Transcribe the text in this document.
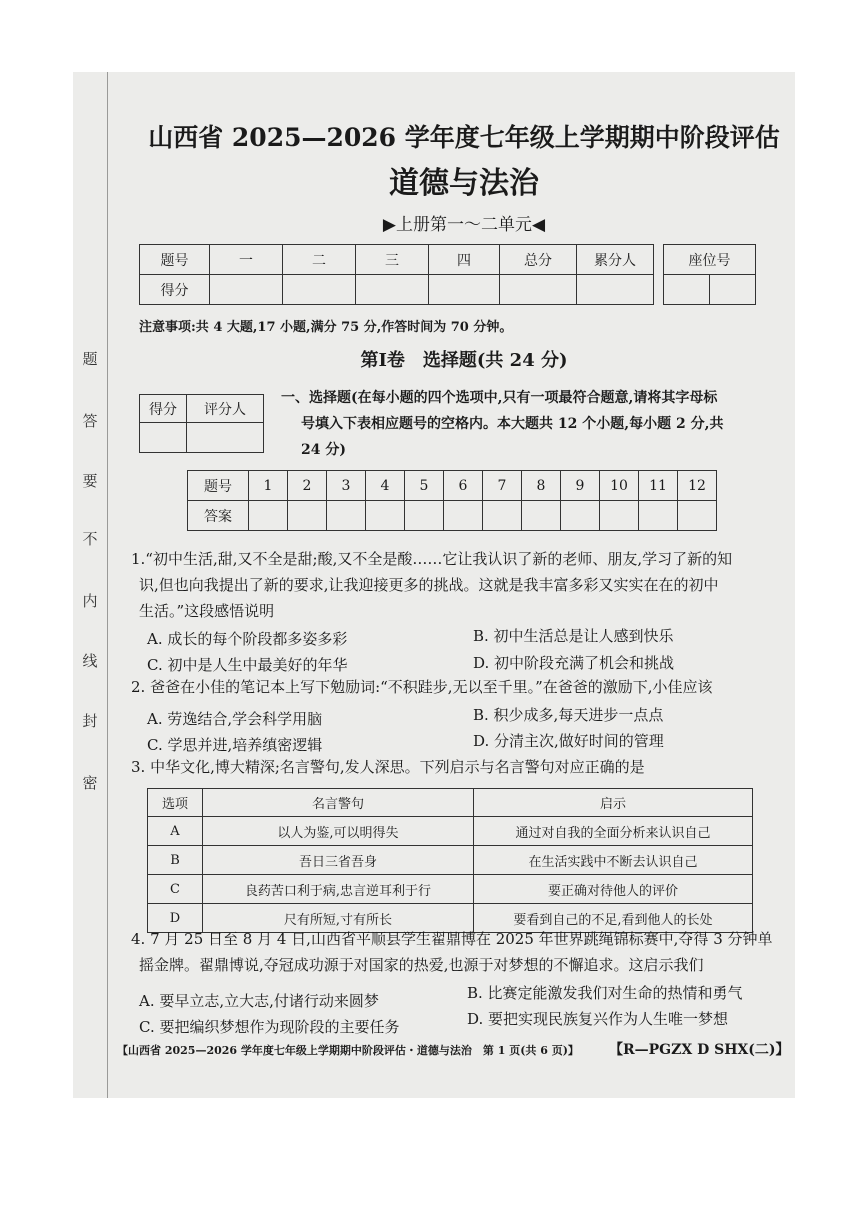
题
答
要
不
内
线
封
密
山西省 2025—2026 学年度七年级上学期期中阶段评估
道德与法治
▶上册第一～二单元◀
题号	一	二	三	四	总分	累分人
得分						
座位号

注意事项:共 4 大题,17 小题,满分 75 分,作答时间为 70 分钟。
第Ⅰ卷　选择题(共 24 分)
得分	评分人

一、选择题(在每小题的四个选项中,只有一项最符合题意,请将其字母标
号填入下表相应题号的空格内。本大题共 12 个小题,每小题 2 分,共
24 分)
题号	1	2	3	4	5	6	7	8	9	10	11	12
答案												
1.“初中生活,甜,又不全是甜;酸,又不全是酸……它让我认识了新的老师、朋友,学习了新的知
识,但也向我提出了新的要求,让我迎接更多的挑战。这就是我丰富多彩又实实在在的初中
生活。”这段感悟说明
A. 成长的每个阶段都多姿多彩	B. 初中生活总是让人感到快乐
C. 初中是人生中最美好的年华	D. 初中阶段充满了机会和挑战
2. 爸爸在小佳的笔记本上写下勉励词:“不积跬步,无以至千里。”在爸爸的激励下,小佳应该
A. 劳逸结合,学会科学用脑	B. 积少成多,每天进步一点点
C. 学思并进,培养缜密逻辑	D. 分清主次,做好时间的管理
3. 中华文化,博大精深;名言警句,发人深思。下列启示与名言警句对应正确的是
选项	名言警句	启示
A	以人为鉴,可以明得失	通过对自我的全面分析来认识自己
B	吾日三省吾身	在生活实践中不断去认识自己
C	良药苦口利于病,忠言逆耳利于行	要正确对待他人的评价
D	尺有所短,寸有所长	要看到自己的不足,看到他人的长处
4. 7 月 25 日至 8 月 4 日,山西省平顺县学生翟鼎博在 2025 年世界跳绳锦标赛中,夺得 3 分钟单
摇金牌。翟鼎博说,夺冠成功源于对国家的热爱,也源于对梦想的不懈追求。这启示我们
A. 要早立志,立大志,付诸行动来圆梦	B. 比赛定能激发我们对生命的热情和勇气
C. 要把编织梦想作为现阶段的主要任务	D. 要把实现民族复兴作为人生唯一梦想
【山西省 2025—2026 学年度七年级上学期期中阶段评估・道德与法治　第 1 页(共 6 页)】 【R—PGZX D SHX(二)】
